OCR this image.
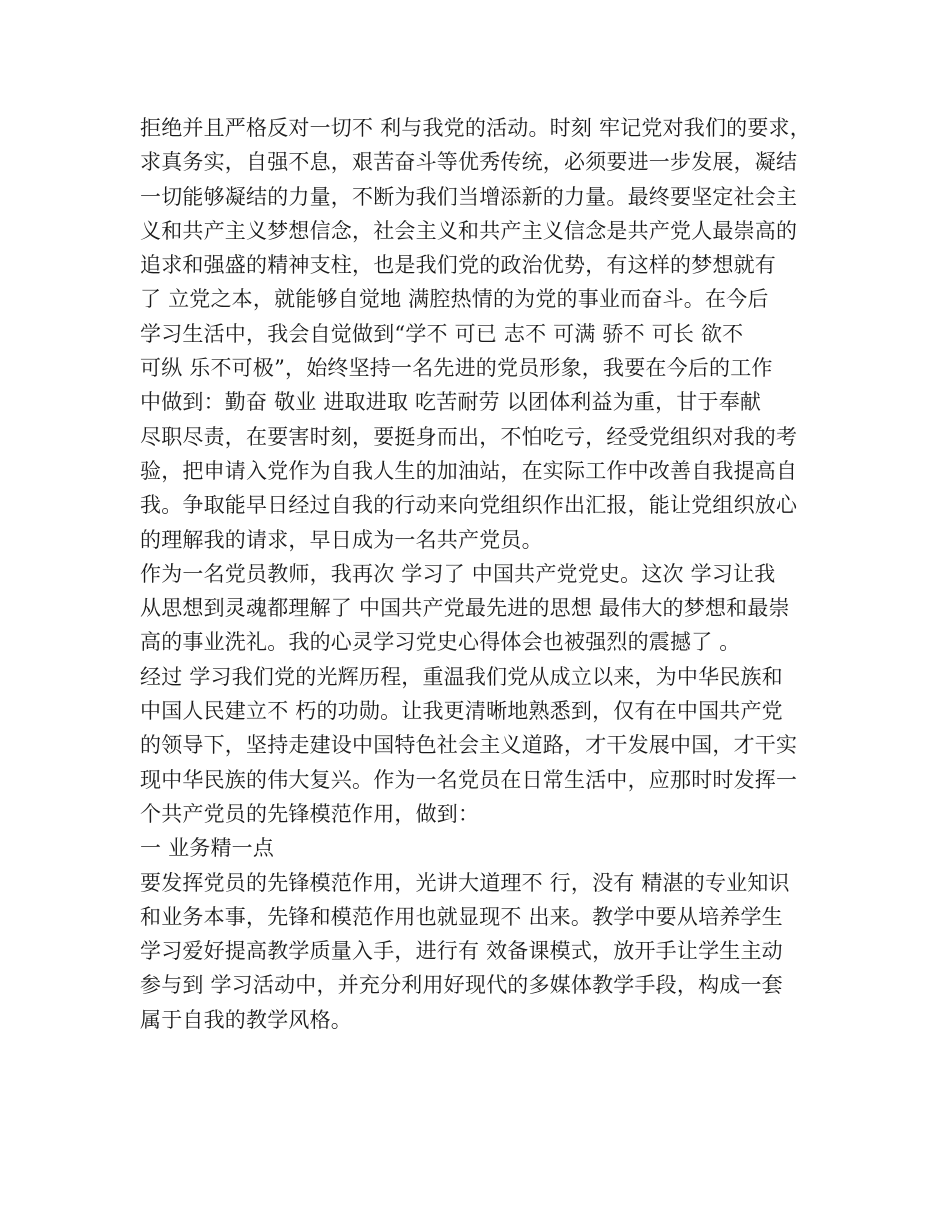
拒绝并且严格反对一切不 利与我党的活动。时刻 牢记党对我们的要求，
求真务实，自强不息，艰苦奋斗等优秀传统，必须要进一步发展，凝结
一切能够凝结的力量，不断为我们当增添新的力量。最终要坚定社会主
义和共产主义梦想信念，社会主义和共产主义信念是共产党人最崇高的
追求和强盛的精神支柱，也是我们党的政治优势，有这样的梦想就有
了 立党之本，就能够自觉地 满腔热情的为党的事业而奋斗。在今后
学习生活中，我会自觉做到“学不 可已 志不 可满 骄不 可长 欲不
可纵 乐不可极”，始终坚持一名先进的党员形象，我要在今后的工作
中做到：勤奋 敬业 进取进取 吃苦耐劳 以团体利益为重，甘于奉献
尽职尽责，在要害时刻，要挺身而出，不怕吃亏，经受党组织对我的考
验，把申请入党作为自我人生的加油站，在实际工作中改善自我提高自
我。争取能早日经过自我的行动来向党组织作出汇报，能让党组织放心
的理解我的请求，早日成为一名共产党员。
作为一名党员教师，我再次 学习了 中国共产党党史。这次 学习让我
从思想到灵魂都理解了 中国共产党最先进的思想 最伟大的梦想和最崇
高的事业洗礼。我的心灵学习党史心得体会也被强烈的震撼了 。
经过 学习我们党的光辉历程，重温我们党从成立以来，为中华民族和
中国人民建立不 朽的功勋。让我更清晰地熟悉到，仅有在中国共产党
的领导下，坚持走建设中国特色社会主义道路，才干发展中国，才干实
现中华民族的伟大复兴。作为一名党员在日常生活中，应那时时发挥一
个共产党员的先锋模范作用，做到：
一 业务精一点
要发挥党员的先锋模范作用，光讲大道理不 行，没有 精湛的专业知识
和业务本事，先锋和模范作用也就显现不 出来。教学中要从培养学生
学习爱好提高教学质量入手，进行有 效备课模式，放开手让学生主动
参与到 学习活动中，并充分利用好现代的多媒体教学手段，构成一套
属于自我的教学风格。
